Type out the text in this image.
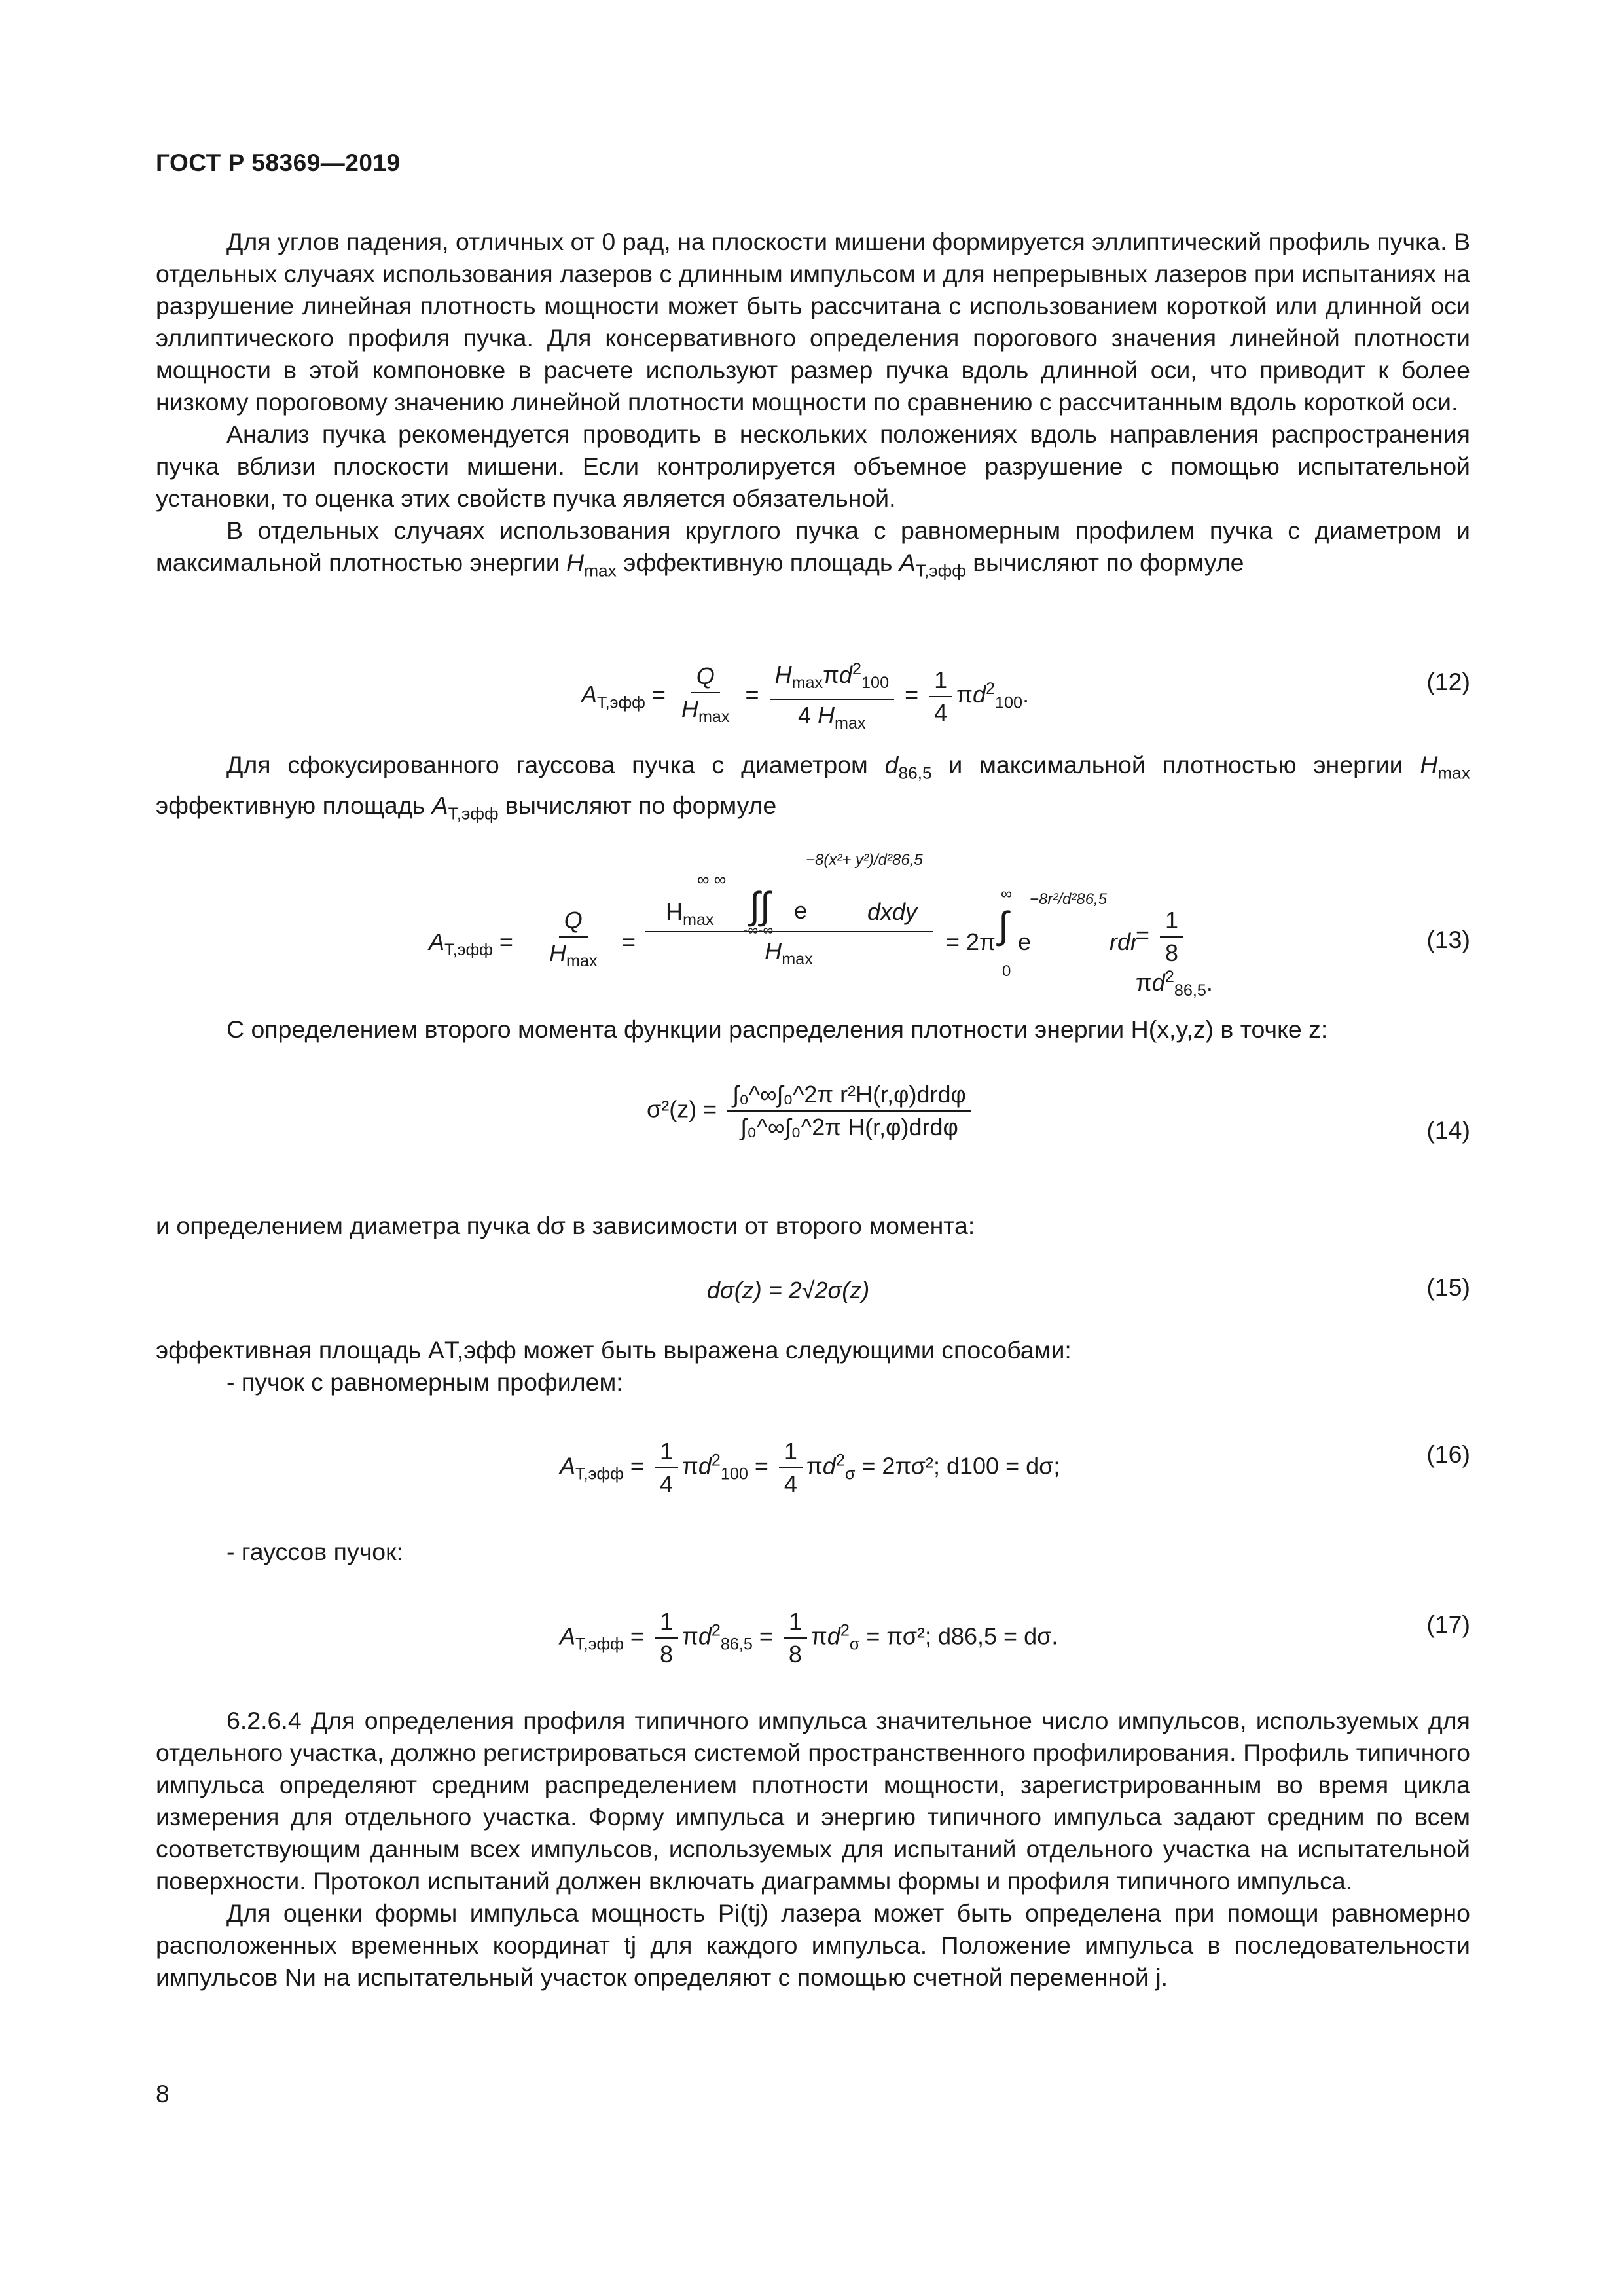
ГОСТ Р 58369—2019

Для углов падения, отличных от 0 рад, на плоскости мишени формируется эллиптический профиль пучка. В отдельных случаях использования лазеров с длинным импульсом и для непрерывных лазеров при испытаниях на разрушение линейная плотность мощности может быть рассчитана с использованием короткой или длинной оси эллиптического профиля пучка. Для консервативного определения порогового значения линейной плотности мощности в этой компоновке в расчете используют размер пучка вдоль длинной оси, что приводит к более низкому пороговому значению линейной плотности мощности по сравнению с рассчитанным вдоль короткой оси.

Анализ пучка рекомендуется проводить в нескольких положениях вдоль направления распространения пучка вблизи плоскости мишени. Если контролируется объемное разрушение с помощью испытательной установки, то оценка этих свойств пучка является обязательной.

В отдельных случаях использования круглого пучка с равномерным профилем пучка с диаметром и максимальной плотностью энергии $H_{max}$ эффективную площадь $A_{Т,эфф}$ вычисляют по формуле

$A_{Т,эфф} = \frac{Q}{H_{max}} = \frac{H_{max}\pi d^2_{100}}{4 H_{max}} = \frac{1}{4} \pi d^2_{100}$.	(12)

Для сфокусированного гауссова пучка с диаметром $d_{86,5}$ и максимальной плотностью энергии $H_{max}$ эффективную площадь $A_{Т,эфф}$ вычисляют по формуле

$A_{Т,эфф} = \frac{Q}{H_{max}}$ =
∞ ∞
$H_{max}$ ∫∫ e
−8(x²+ y²)/d²86,5
dxdy
-∞-∞
$H_{max}$
= 2π ∫
∞
0
e
−8r²/d²86,5
rdr
= $\frac{1}{8}$
$\pi d^2_{86,5}$.
(13)

С определением второго момента функции распределения плотности энергии H(x,y,z) в точке z:

$\sigma^2(z) = \frac{\text{∫₀\textasciicircum{}∞∫₀\textasciicircum{}2π r²H(r,φ)drdφ}}{\text{∫₀\textasciicircum{}∞∫₀\textasciicircum{}2π H(r,φ)drdφ}}$	(14)

и определением диаметра пучка dσ в зависимости от второго момента:

dσ(z) = 2√2σ(z)	(15)

эффективная площадь AТ,эфф может быть выражена следующими способами:

- пучок с равномерным профилем:

$A_{Т,эфф} = \frac{1}{4} \pi d^2_{100} = \frac{1}{4} \pi d^2_\sigma = 2\pi\sigma^2$; d100 = dσ;	(16)

- гауссов пучок:

$A_{Т,эфф} = \frac{1}{8} \pi d^2_{86,5} = \frac{1}{8} \pi d^2_\sigma = \pi\sigma^2$; d86,5 = dσ.	(17)

6.2.6.4 Для определения профиля типичного импульса значительное число импульсов, используемых для отдельного участка, должно регистрироваться системой пространственного профилирования. Профиль типичного импульса определяют средним распределением плотности мощности, зарегистрированным во время цикла измерения для отдельного участка. Форму импульса и энергию типичного импульса задают средним по всем соответствующим данным всех импульсов, используемых для испытаний отдельного участка на испытательной поверхности. Протокол испытаний должен включать диаграммы формы и профиля типичного импульса.

Для оценки формы импульса мощность Pi(tj) лазера может быть определена при помощи равномерно расположенных временных координат tj для каждого импульса. Положение импульса в последовательности импульсов Nи на испытательный участок определяют с помощью счетной переменной j.

8
